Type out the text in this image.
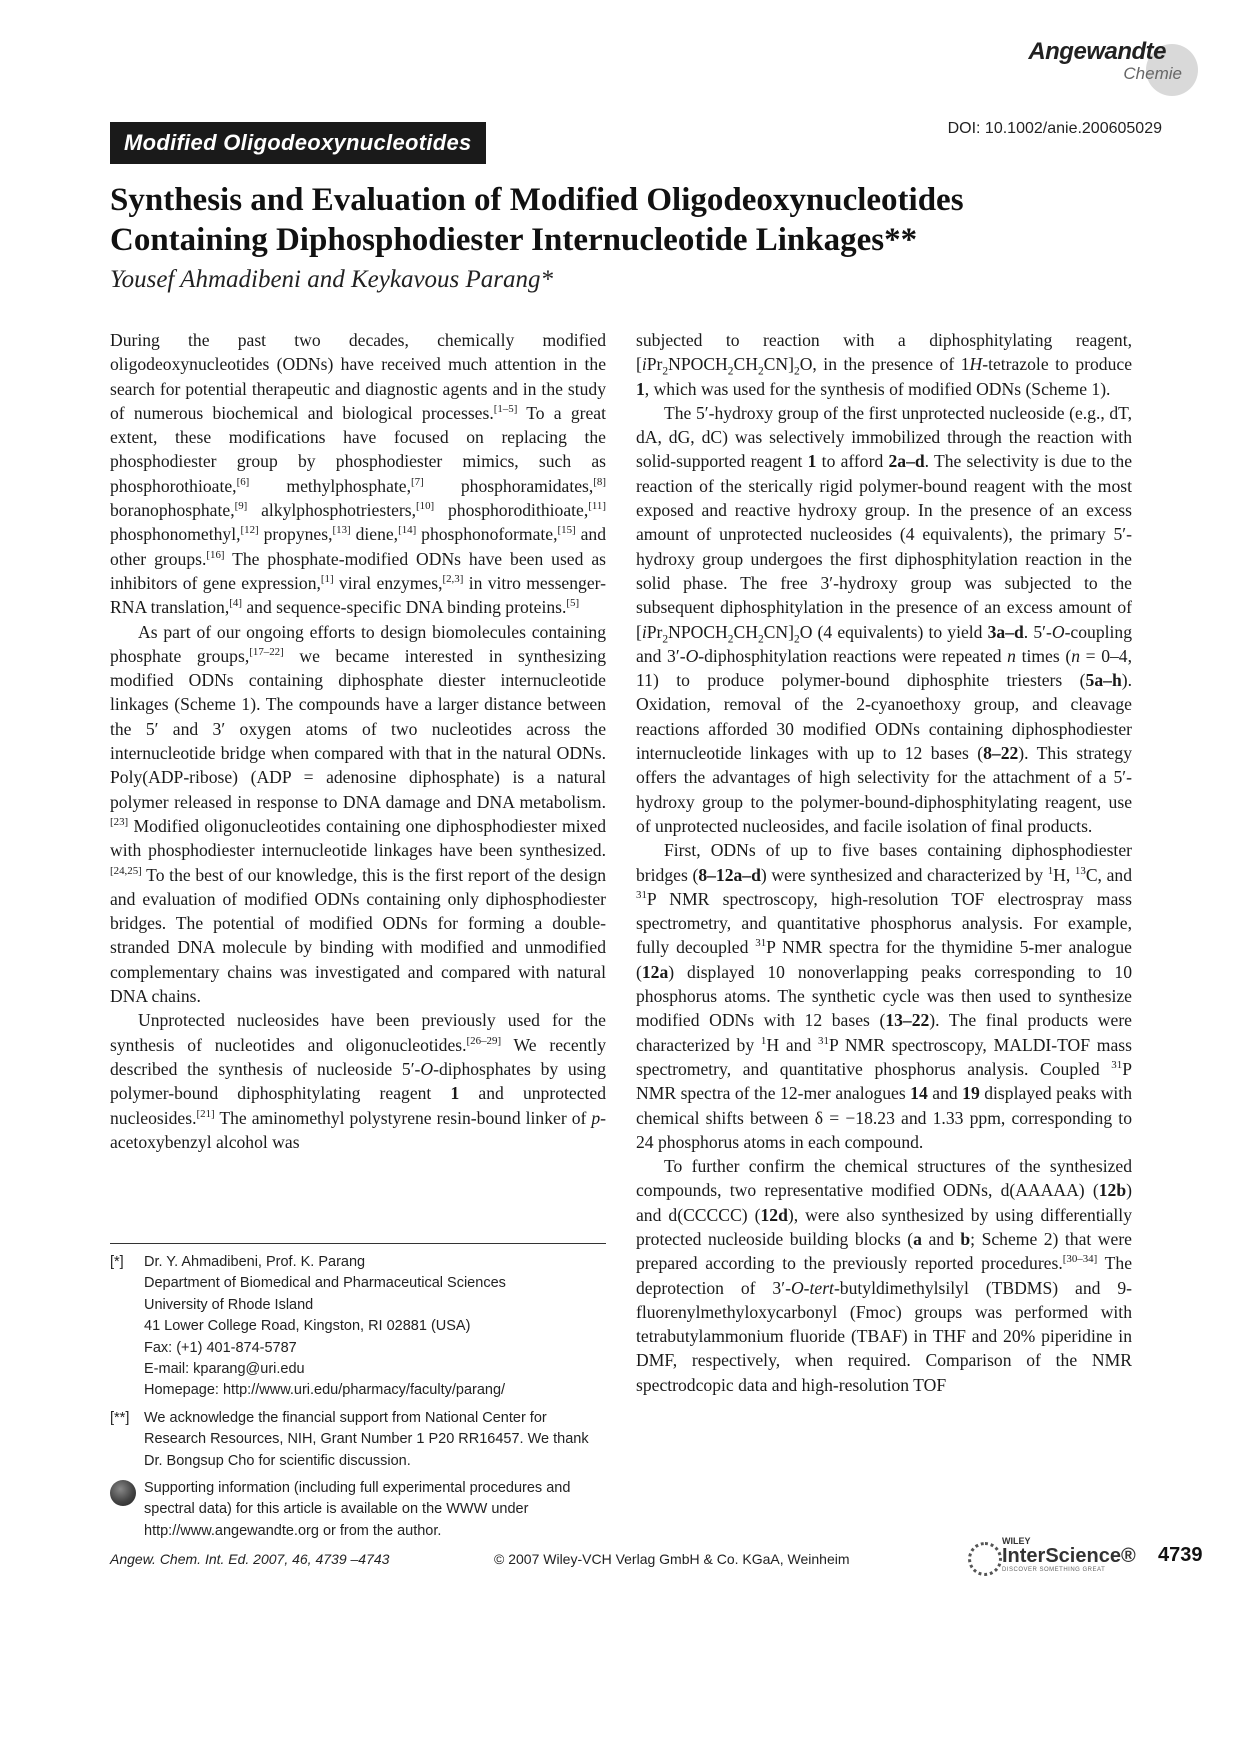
Angewandte
Chemie
Modified Oligodeoxynucleotides
DOI: 10.1002/anie.200605029
Synthesis and Evaluation of Modified Oligodeoxynucleotides
Containing Diphosphodiester Internucleotide Linkages**
Yousef Ahmadibeni and Keykavous Parang*

During the past two decades, chemically modified oligodeoxynucleotides (ODNs) have received much attention in the search for potential therapeutic and diagnostic agents and in the study of numerous biochemical and biological processes.[1–5] To a great extent, these modifications have focused on replacing the phosphodiester group by phosphodiester mimics, such as phosphorothioate,[6] methylphosphate,[7] phosphoramidates,[8] boranophosphate,[9] alkylphosphotriesters,[10] phosphorodithioate,[11] phosphonomethyl,[12] propynes,[13] diene,[14] phosphonoformate,[15] and other groups.[16] The phosphate-modified ODNs have been used as inhibitors of gene expression,[1] viral enzymes,[2,3] in vitro messenger-RNA translation,[4] and sequence-specific DNA binding proteins.[5]

As part of our ongoing efforts to design biomolecules containing phosphate groups,[17–22] we became interested in synthesizing modified ODNs containing diphosphate diester internucleotide linkages (Scheme 1). The compounds have a larger distance between the 5′ and 3′ oxygen atoms of two nucleotides across the internucleotide bridge when compared with that in the natural ODNs. Poly(ADP-ribose) (ADP = adenosine diphosphate) is a natural polymer released in response to DNA damage and DNA metabolism.[23] Modified oligonucleotides containing one diphosphodiester mixed with phosphodiester internucleotide linkages have been synthesized.[24,25] To the best of our knowledge, this is the first report of the design and evaluation of modified ODNs containing only diphosphodiester bridges. The potential of modified ODNs for forming a double-stranded DNA molecule by binding with modified and unmodified complementary chains was investigated and compared with natural DNA chains.

Unprotected nucleosides have been previously used for the synthesis of nucleotides and oligonucleotides.[26–29] We recently described the synthesis of nucleoside 5′-O-diphosphates by using polymer-bound diphosphitylating reagent 1 and unprotected nucleosides.[21] The aminomethyl polystyrene resin-bound linker of p-acetoxybenzyl alcohol was

subjected to reaction with a diphosphitylating reagent, $[iPr_2NPOCH_2CH_2CN]_2O$, in the presence of 1H-tetrazole to produce 1, which was used for the synthesis of modified ODNs (Scheme 1).

The 5′-hydroxy group of the first unprotected nucleoside (e.g., dT, dA, dG, dC) was selectively immobilized through the reaction with solid-supported reagent 1 to afford 2a–d. The selectivity is due to the reaction of the sterically rigid polymer-bound reagent with the most exposed and reactive hydroxy group. In the presence of an excess amount of unprotected nucleosides (4 equivalents), the primary 5′-hydroxy group undergoes the first diphosphitylation reaction in the solid phase. The free 3′-hydroxy group was subjected to the subsequent diphosphitylation in the presence of an excess amount of $[iPr_2NPOCH_2CH_2CN]_2O$ (4 equivalents) to yield 3a–d. 5′-O-coupling and 3′-O-diphosphitylation reactions were repeated n times (n = 0–4, 11) to produce polymer-bound diphosphite triesters (5a–h). Oxidation, removal of the 2-cyanoethoxy group, and cleavage reactions afforded 30 modified ODNs containing diphosphodiester internucleotide linkages with up to 12 bases (8–22). This strategy offers the advantages of high selectivity for the attachment of a 5′-hydroxy group to the polymer-bound-diphosphitylating reagent, use of unprotected nucleosides, and facile isolation of final products.

First, ODNs of up to five bases containing diphosphodiester bridges (8–12a–d) were synthesized and characterized by $^1$H, $^{13}$C, and $^{31}$P NMR spectroscopy, high-resolution TOF electrospray mass spectrometry, and quantitative phosphorus analysis. For example, fully decoupled $^{31}$P NMR spectra for the thymidine 5-mer analogue (12a) displayed 10 nonoverlapping peaks corresponding to 10 phosphorus atoms. The synthetic cycle was then used to synthesize modified ODNs with 12 bases (13–22). The final products were characterized by $^1$H and $^{31}$P NMR spectroscopy, MALDI-TOF mass spectrometry, and quantitative phosphorus analysis. Coupled $^{31}$P NMR spectra of the 12-mer analogues 14 and 19 displayed peaks with chemical shifts between δ = −18.23 and 1.33 ppm, corresponding to 24 phosphorus atoms in each compound.

To further confirm the chemical structures of the synthesized compounds, two representative modified ODNs, d(AAAAA) (12b) and d(CCCCC) (12d), were also synthesized by using differentially protected nucleoside building blocks (a and b; Scheme 2) that were prepared according to the previously reported procedures.[30–34] The deprotection of 3′-O-tert-butyldimethylsilyl (TBDMS) and 9-fluorenylmethyloxycarbonyl (Fmoc) groups was performed with tetrabutylammonium fluoride (TBAF) in THF and 20% piperidine in DMF, respectively, when required. Comparison of the NMR spectrodcopic data and high-resolution TOF

[*] Dr. Y. Ahmadibeni, Prof. K. Parang
Department of Biomedical and Pharmaceutical Sciences
University of Rhode Island
41 Lower College Road, Kingston, RI 02881 (USA)
Fax: (+1) 401-874-5787
E-mail: kparang@uri.edu
Homepage: http://www.uri.edu/pharmacy/faculty/parang/
[**] We acknowledge the financial support from National Center for Research Resources, NIH, Grant Number 1 P20 RR16457. We thank Dr. Bongsup Cho for scientific discussion.
Supporting information (including full experimental procedures and spectral data) for this article is available on the WWW under http://www.angewandte.org or from the author.
Angew. Chem. Int. Ed. 2007, 46, 4739 –4743	© 2007 Wiley-VCH Verlag GmbH & Co. KGaA, Weinheim
WILEY
InterScience®
DISCOVER SOMETHING GREAT
4739
